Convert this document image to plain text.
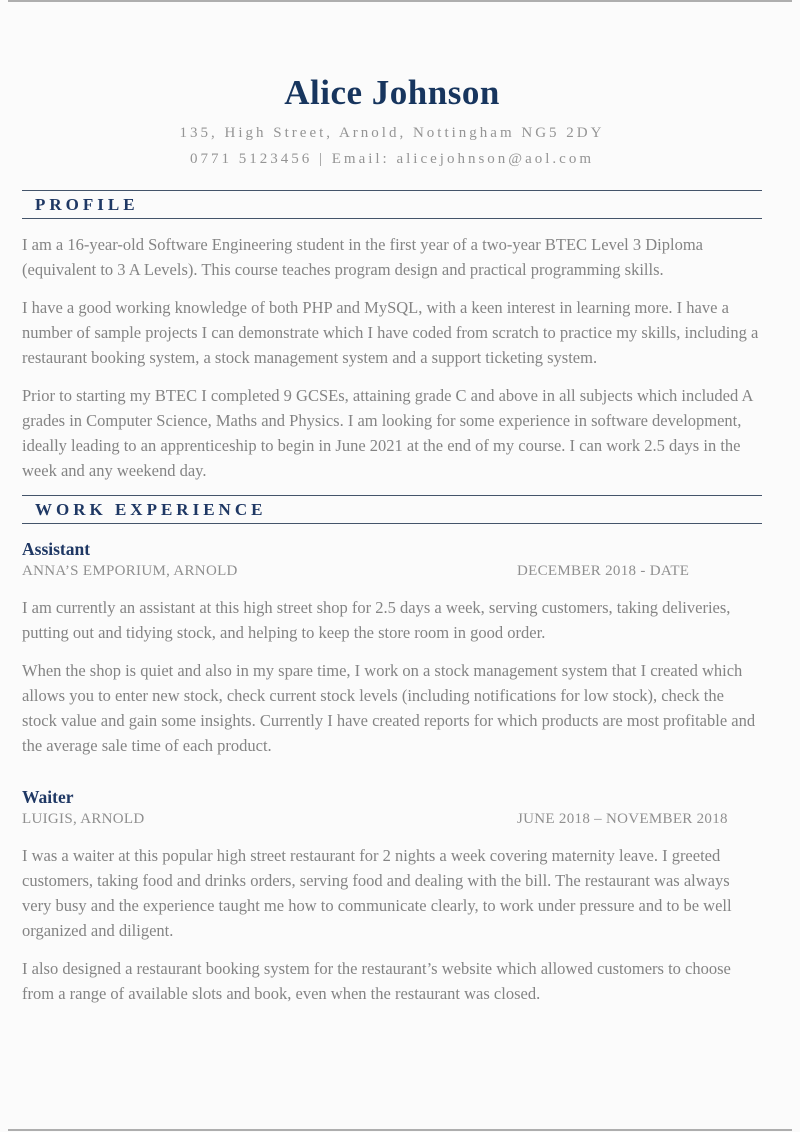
Alice Johnson
135, High Street, Arnold, Nottingham NG5 2DY
0771 5123456 | Email: alicejohnson@aol.com
PROFILE

I am a 16-year-old Software Engineering student in the first year of a two-year BTEC Level 3 Diploma (equivalent to 3 A Levels). This course teaches program design and practical programming skills.

I have a good working knowledge of both PHP and MySQL, with a keen interest in learning more. I have a number of sample projects I can demonstrate which I have coded from scratch to practice my skills, including a restaurant booking system, a stock management system and a support ticketing system.

Prior to starting my BTEC I completed 9 GCSEs, attaining grade C and above in all subjects which included A grades in Computer Science, Maths and Physics. I am looking for some experience in software development, ideally leading to an apprenticeship to begin in June 2021 at the end of my course. I can work 2.5 days in the week and any weekend day.

WORK EXPERIENCE
Assistant
ANNA’S EMPORIUM, ARNOLD	DECEMBER 2018 - DATE

I am currently an assistant at this high street shop for 2.5 days a week, serving customers, taking deliveries, putting out and tidying stock, and helping to keep the store room in good order.

When the shop is quiet and also in my spare time, I work on a stock management system that I created which allows you to enter new stock, check current stock levels (including notifications for low stock), check the stock value and gain some insights. Currently I have created reports for which products are most profitable and the average sale time of each product.

Waiter
LUIGIS, ARNOLD	JUNE 2018 – NOVEMBER 2018

I was a waiter at this popular high street restaurant for 2 nights a week covering maternity leave. I greeted customers, taking food and drinks orders, serving food and dealing with the bill. The restaurant was always very busy and the experience taught me how to communicate clearly, to work under pressure and to be well organized and diligent.

I also designed a restaurant booking system for the restaurant’s website which allowed customers to choose from a range of available slots and book, even when the restaurant was closed.
